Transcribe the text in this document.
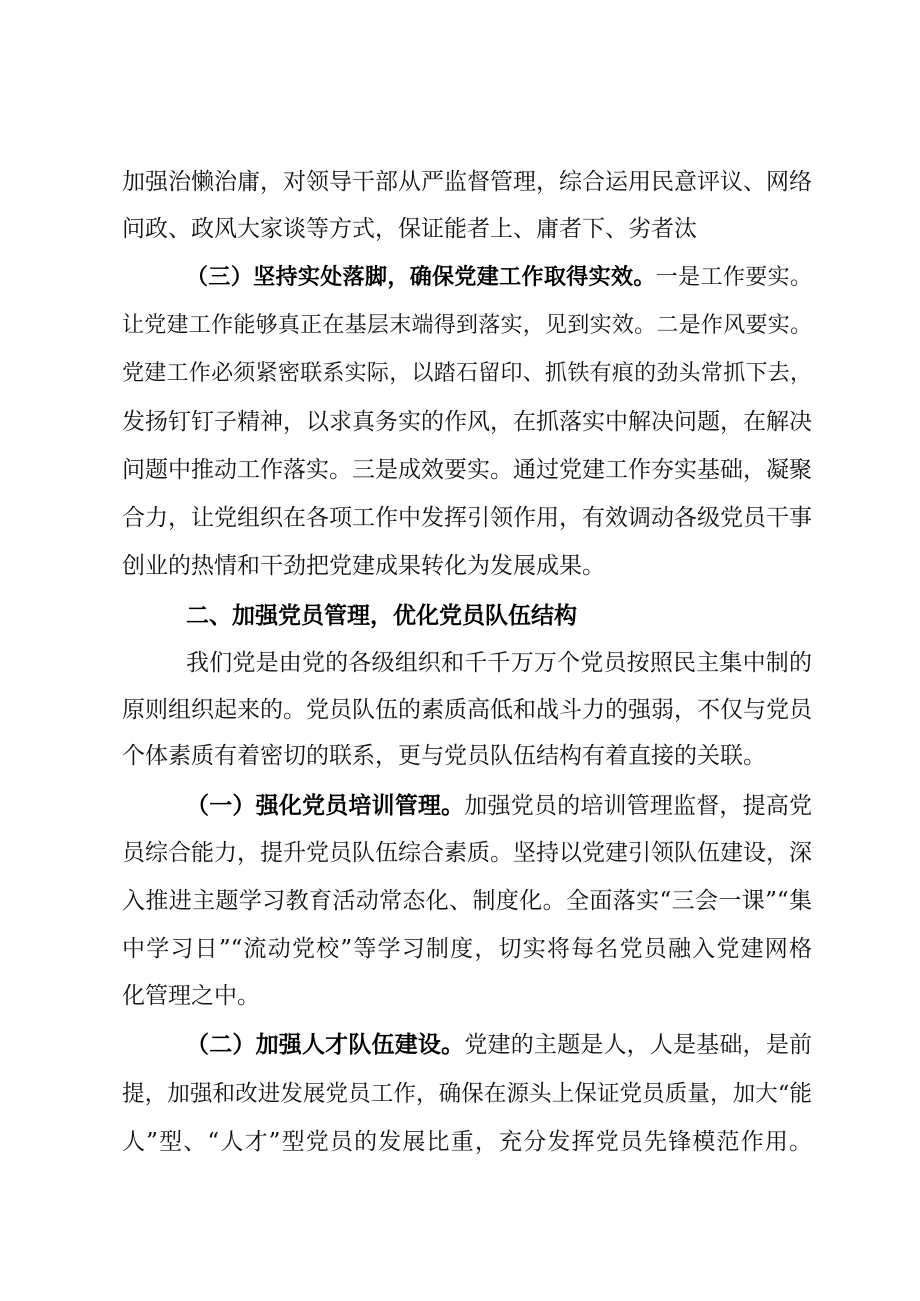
加强治懒治庸，对领导干部从严监督管理，综合运用民意评议、网络
问政、政风大家谈等方式，保证能者上、庸者下、劣者汰
（三）坚持实处落脚，确保党建工作取得实效。一是工作要实。
让党建工作能够真正在基层末端得到落实，见到实效。二是作风要实。
党建工作必须紧密联系实际，以踏石留印、抓铁有痕的劲头常抓下去，
发扬钉钉子精神，以求真务实的作风，在抓落实中解决问题，在解决
问题中推动工作落实。三是成效要实。通过党建工作夯实基础，凝聚
合力，让党组织在各项工作中发挥引领作用，有效调动各级党员干事
创业的热情和干劲把党建成果转化为发展成果。
二、加强党员管理，优化党员队伍结构
我们党是由党的各级组织和千千万万个党员按照民主集中制的
原则组织起来的。党员队伍的素质高低和战斗力的强弱，不仅与党员
个体素质有着密切的联系，更与党员队伍结构有着直接的关联。
（一）强化党员培训管理。加强党员的培训管理监督，提高党
员综合能力，提升党员队伍综合素质。坚持以党建引领队伍建设，深
入推进主题学习教育活动常态化、制度化。全面落实“三会一课”“集
中学习日”“流动党校”等学习制度，切实将每名党员融入党建网格
化管理之中。
（二）加强人才队伍建设。党建的主题是人，人是基础，是前
提，加强和改进发展党员工作，确保在源头上保证党员质量，加大“能
人”型、“人才”型党员的发展比重，充分发挥党员先锋模范作用。
